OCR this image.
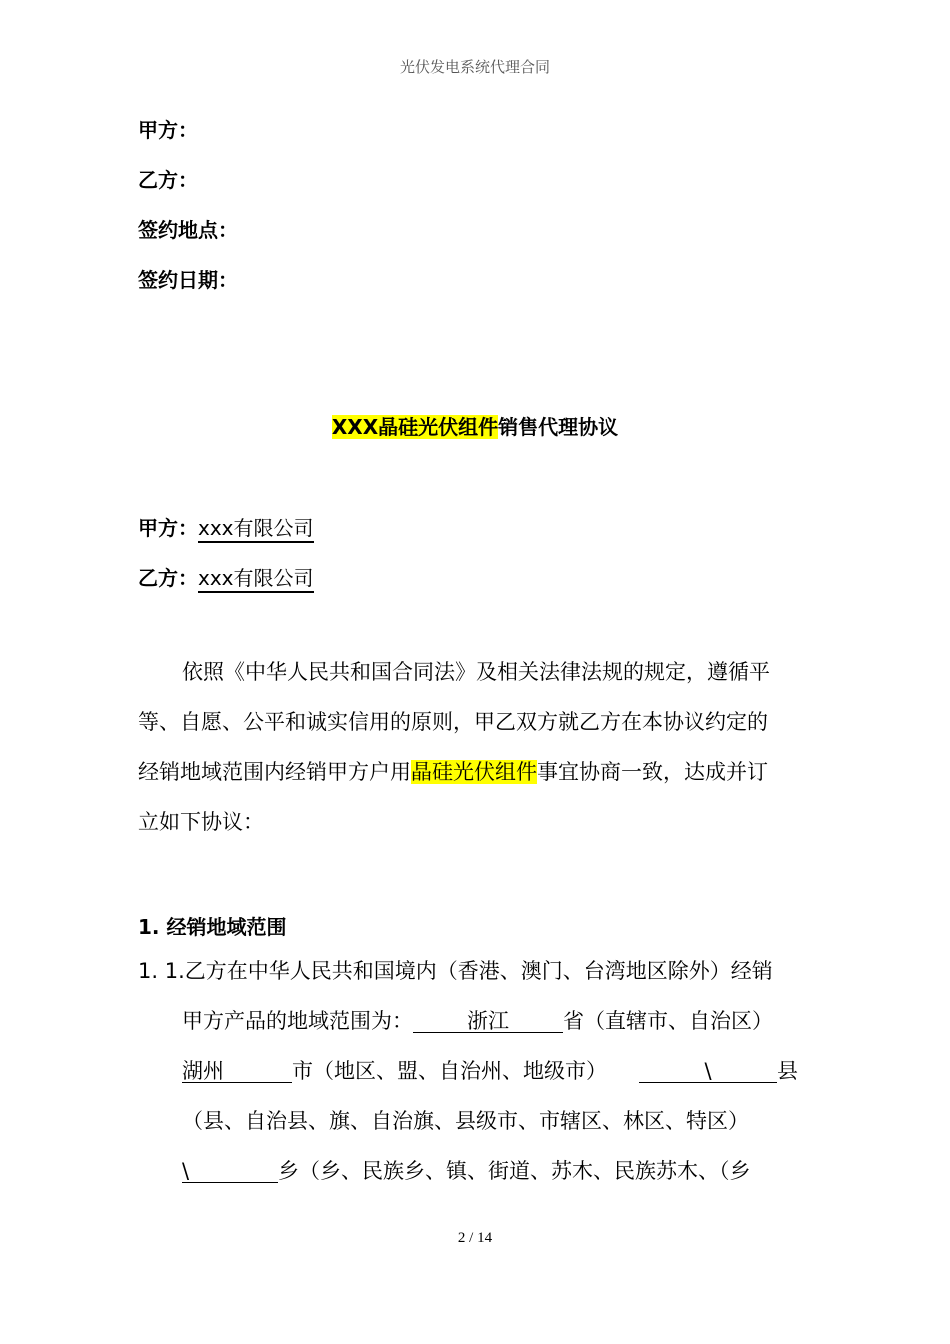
光伏发电系统代理合同
甲方：
乙方：
签约地点：
签约日期：
XXX晶硅光伏组件销售代理协议
甲方：xxx有限公司
乙方：xxx有限公司
依照《中华人民共和国合同法》及相关法律法规的规定，遵循平
等、自愿、公平和诚实信用的原则，甲乙双方就乙方在本协议约定的
经销地域范围内经销甲方户用晶硅光伏组件事宜协商一致，达成并订
立如下协议：
1. 经销地域范围
1. 1.乙方在中华人民共和国境内（香港、澳门、台湾地区除外）经销
甲方产品的地域范围为：	浙江	省（直辖市、自治区）
湖州	市（地区、盟、自治州、地级市）	\	县
（县、自治县、旗、自治旗、县级市、市辖区、林区、特区）
\	乡（乡、民族乡、镇、街道、苏木、民族苏木、（乡
2 / 14
